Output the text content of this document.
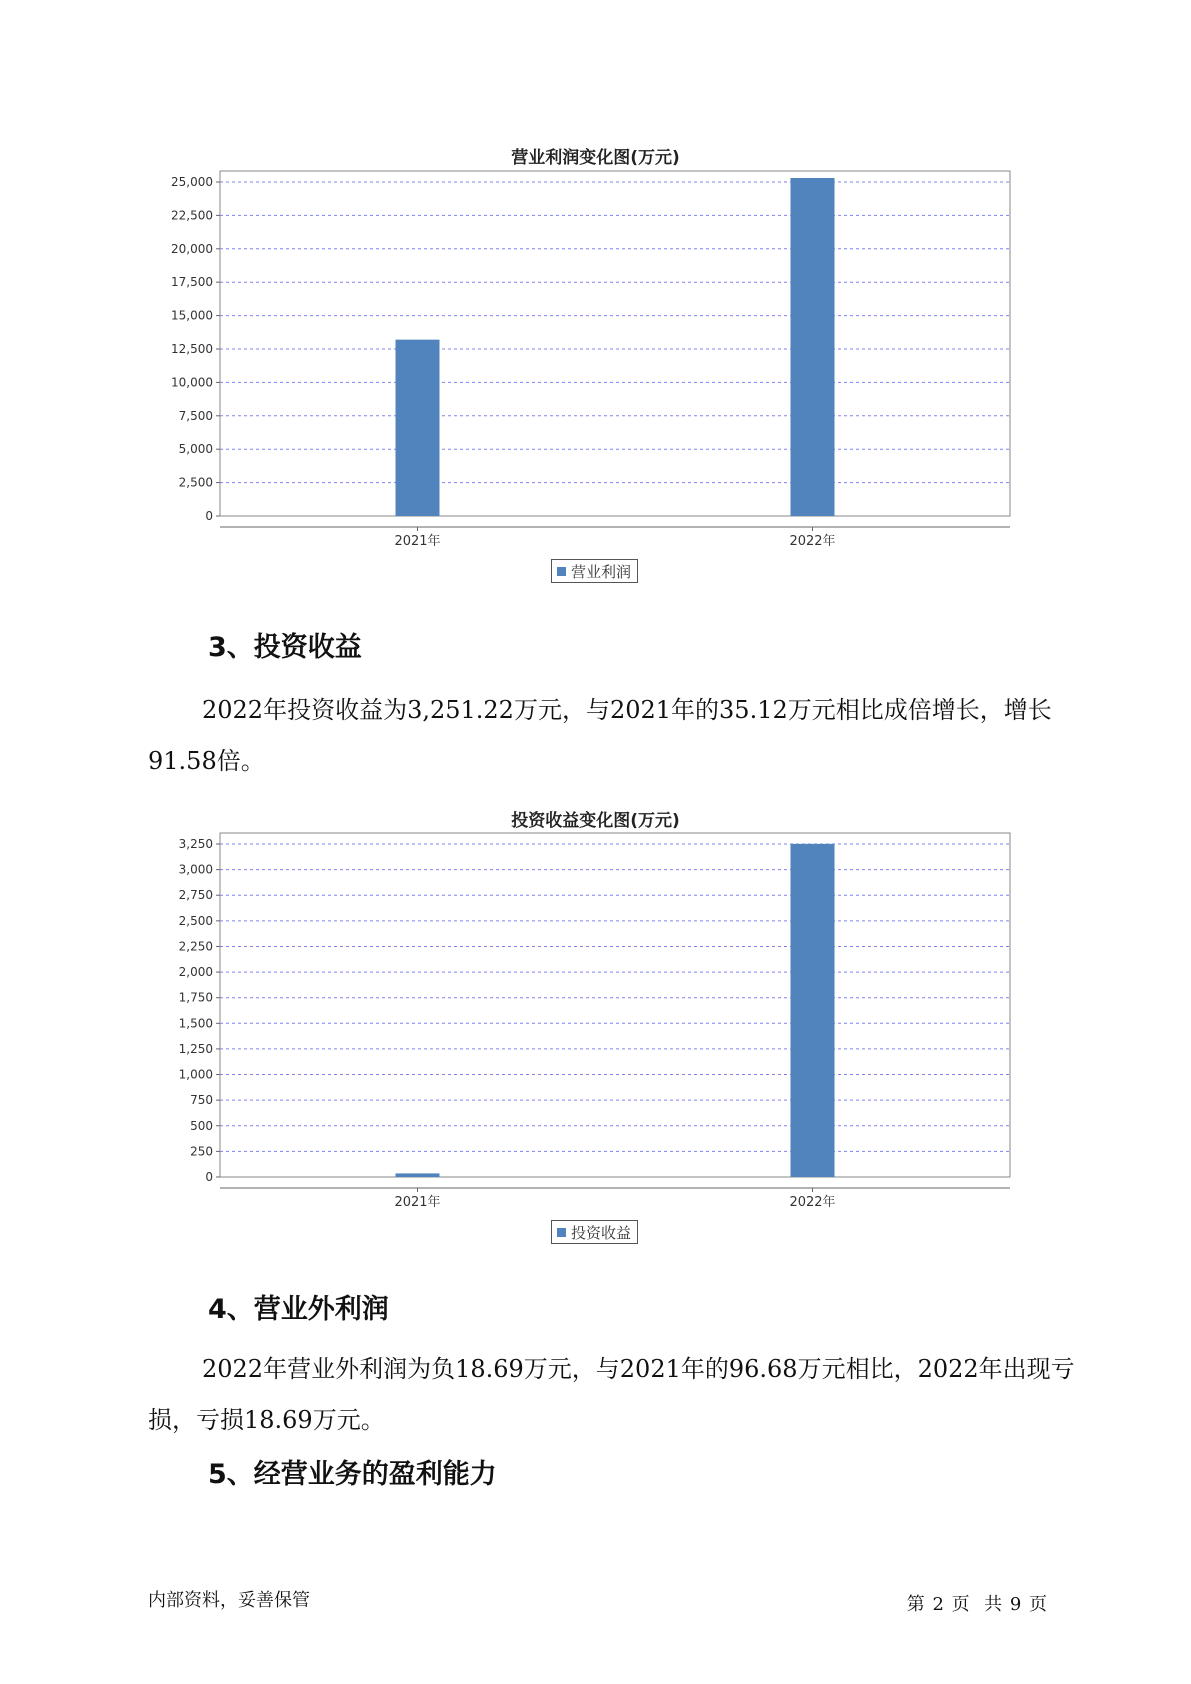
营业利润变化图(万元)
0
2,500
5,000
7,500
10,000
12,500
15,000
17,500
20,000
22,500
25,000
2021年	2022年
营业利润
3、投资收益

2022年投资收益为3,251.22万元，与2021年的35.12万元相比成倍增长，增长91.58倍。

投资收益变化图(万元)
0
250
500
750
1,000
1,250
1,500
1,750
2,000
2,250
2,500
2,750
3,000
3,250
2021年	2022年
投资收益
4、营业外利润

2022年营业外利润为负18.69万元，与2021年的96.68万元相比，2022年出现亏损，亏损18.69万元。

5、经营业务的盈利能力
内部资料，妥善保管	第 2 页  共 9 页
